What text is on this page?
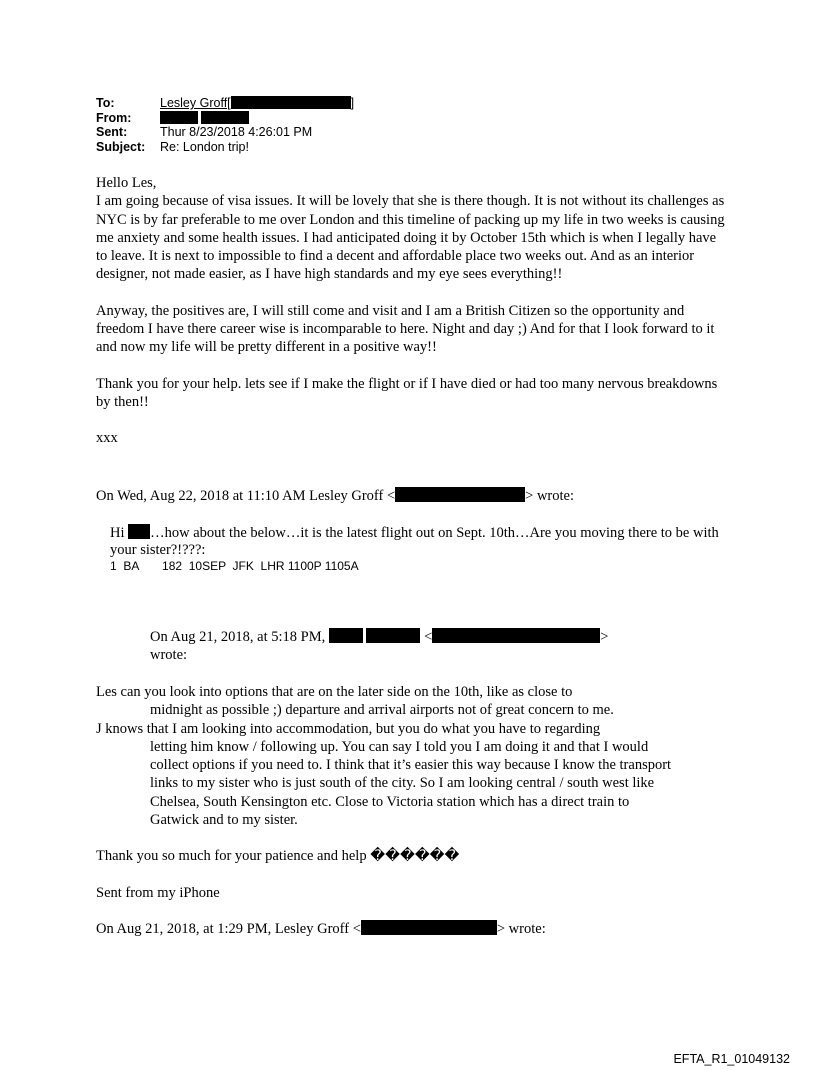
To:	Lesley Groff[	]
From:

Sent:	Thur 8/23/2018 4:26:01 PM
Subject:	Re: London trip!

Hello Les,

I am going because of visa issues. It will be lovely that she is there though. It is not without its challenges as NYC is by far preferable to me over London and this timeline of packing up my life in two weeks is causing me anxiety and some health issues. I had anticipated doing it by October 15th which is when I legally have to leave. It is next to impossible to find a decent and affordable place two weeks out. And as an interior designer, not made easier, as I have high standards and my eye sees everything!!

Anyway, the positives are, I will still come and visit and I am a British Citizen so the opportunity and freedom I have there career wise is incomparable to here. Night and day ;) And for that I look forward to it and now my life will be pretty different in a positive way!!

Thank you for your help. lets see if I make the flight or if I have died or had too many nervous breakdowns by then!!

xxx

On Wed, Aug 22, 2018 at 11:10 AM Lesley Groff <	> wrote:

Hi …how about the below…it is the latest flight out on Sept. 10th…Are you moving there to be with your sister?!???:
1  BA       182  10SEP  JFK  LHR 1100P 1105A
On Aug 21, 2018, at 5:18 PM,	<	>
wrote:
Les can you look into options that are on the later side on the 10th, like as close to
midnight as possible ;) departure and arrival airports not of great concern to me.
J knows that I am looking into accommodation, but you do what you have to regarding
letting him know / following up. You can say I told you I am doing it and that I would collect options if you need to. I think that it’s easier this way because I know the transport links to my sister who is just south of the city. So I am looking central / south west like Chelsea, South Kensington etc. Close to Victoria station which has a direct train to Gatwick and to my sister.

Thank you so much for your patience and help ������

Sent from my iPhone

On Aug 21, 2018, at 1:29 PM, Lesley Groff <	> wrote:

EFTA_R1_01049132
